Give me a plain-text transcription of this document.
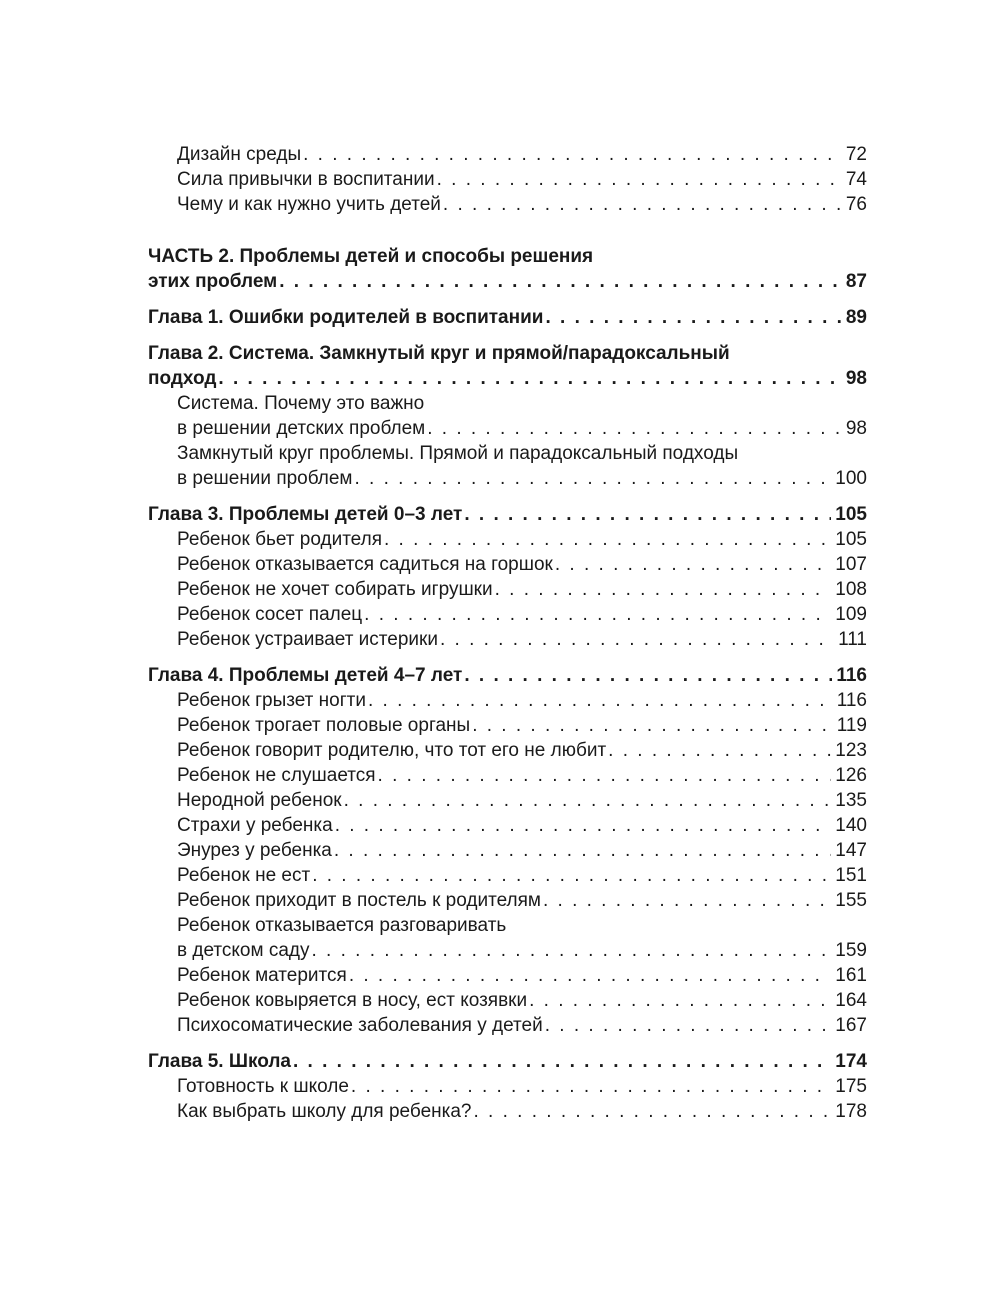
Дизайн среды . . .	72
Сила привычки в воспитании . . .	74
Чему и как нужно учить детей . . .	76
ЧАСТЬ 2. Проблемы детей и способы решения
этих проблем . . .	87
Глава 1. Ошибки родителей в воспитании . . .	89
Глава 2. Система. Замкнутый круг и прямой/парадоксальный
подход . . .	98
Система. Почему это важно
в решении детских проблем . . .	98
Замкнутый круг проблемы. Прямой и парадоксальный подходы
в решении проблем . . .	100
Глава 3. Проблемы детей 0–3 лет . . .	105
Ребенок бьет родителя . . .	105
Ребенок отказывается садиться на горшок . . .	107
Ребенок не хочет собирать игрушки . . .	108
Ребенок сосет палец . . .	109
Ребенок устраивает истерики . . .	111
Глава 4. Проблемы детей 4–7 лет . . .	116
Ребенок грызет ногти . . .	116
Ребенок трогает половые органы . . .	119
Ребенок говорит родителю, что тот его не любит . . .	123
Ребенок не слушается . . .	126
Неродной ребенок . . .	135
Страхи у ребенка . . .	140
Энурез у ребенка . . .	147
Ребенок не ест . . .	151
Ребенок приходит в постель к родителям . . .	155
Ребенок отказывается разговаривать
в детском саду . . .	159
Ребенок матерится . . .	161
Ребенок ковыряется в носу, ест козявки . . .	164
Психосоматические заболевания у детей . . .	167
Глава 5. Школа . . .	174
Готовность к школе . . .	175
Как выбрать школу для ребенка? . . .	178
